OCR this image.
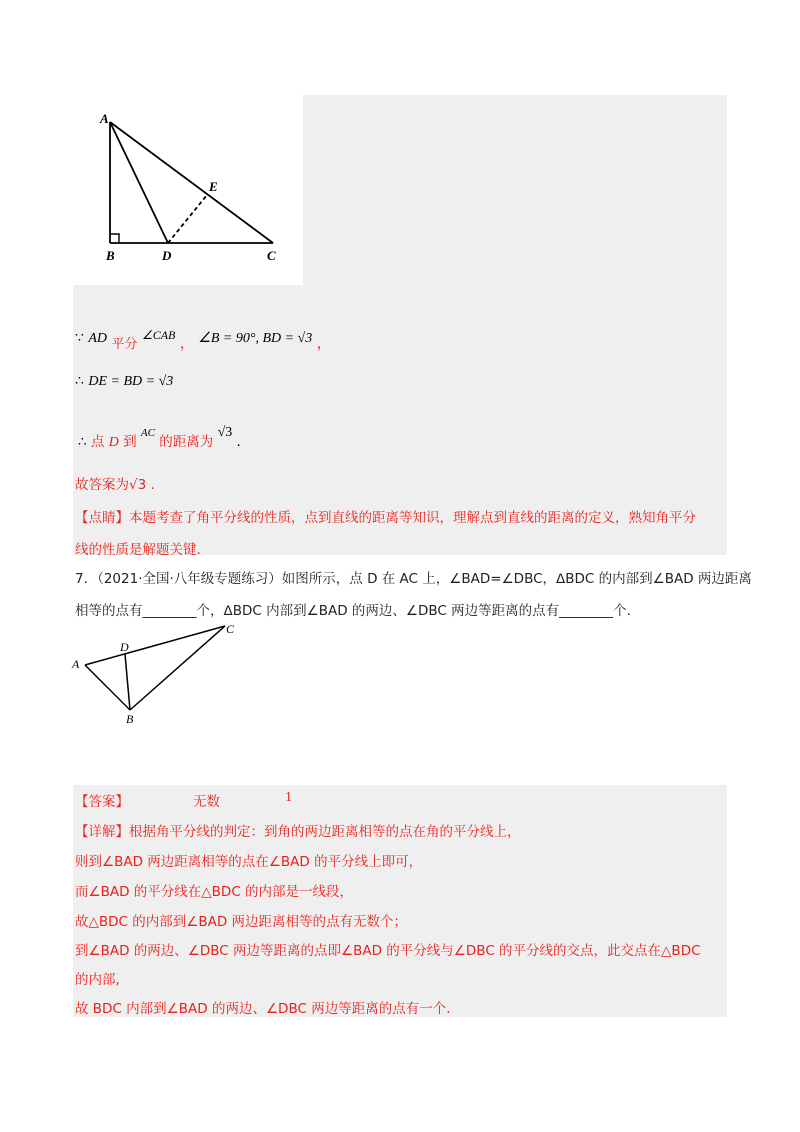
A
E
B	D	C
∵ AD 平分 ∠CAB ， ∠B = 90°, BD = √3 ，
∴ DE = BD = √3
∴ 点 D 到 $^{AC}$ 的距离为 √3 .
故答案为√3 .
【点睛】本题考查了角平分线的性质，点到直线的距离等知识，理解点到直线的距离的定义，熟知角平分
线的性质是解题关键.
7．（2021·全国·八年级专题练习）如图所示，点 D 在 AC 上，∠BAD=∠DBC，ᐃBDC 的内部到∠BAD 两边距离
相等的点有________个，ᐃBDC 内部到∠BAD 的两边、∠DBC 两边等距离的点有________个.
A
D
C
B
【答案】	无数	1
【详解】根据角平分线的判定：到角的两边距离相等的点在角的平分线上，
则到∠BAD 两边距离相等的点在∠BAD 的平分线上即可，
而∠BAD 的平分线在△BDC 的内部是一线段，
故△BDC 的内部到∠BAD 两边距离相等的点有无数个；
到∠BAD 的两边、∠DBC 两边等距离的点即∠BAD 的平分线与∠DBC 的平分线的交点，此交点在△BDC
的内部,
故 BDC 内部到∠BAD 的两边、∠DBC 两边等距离的点有一个.
